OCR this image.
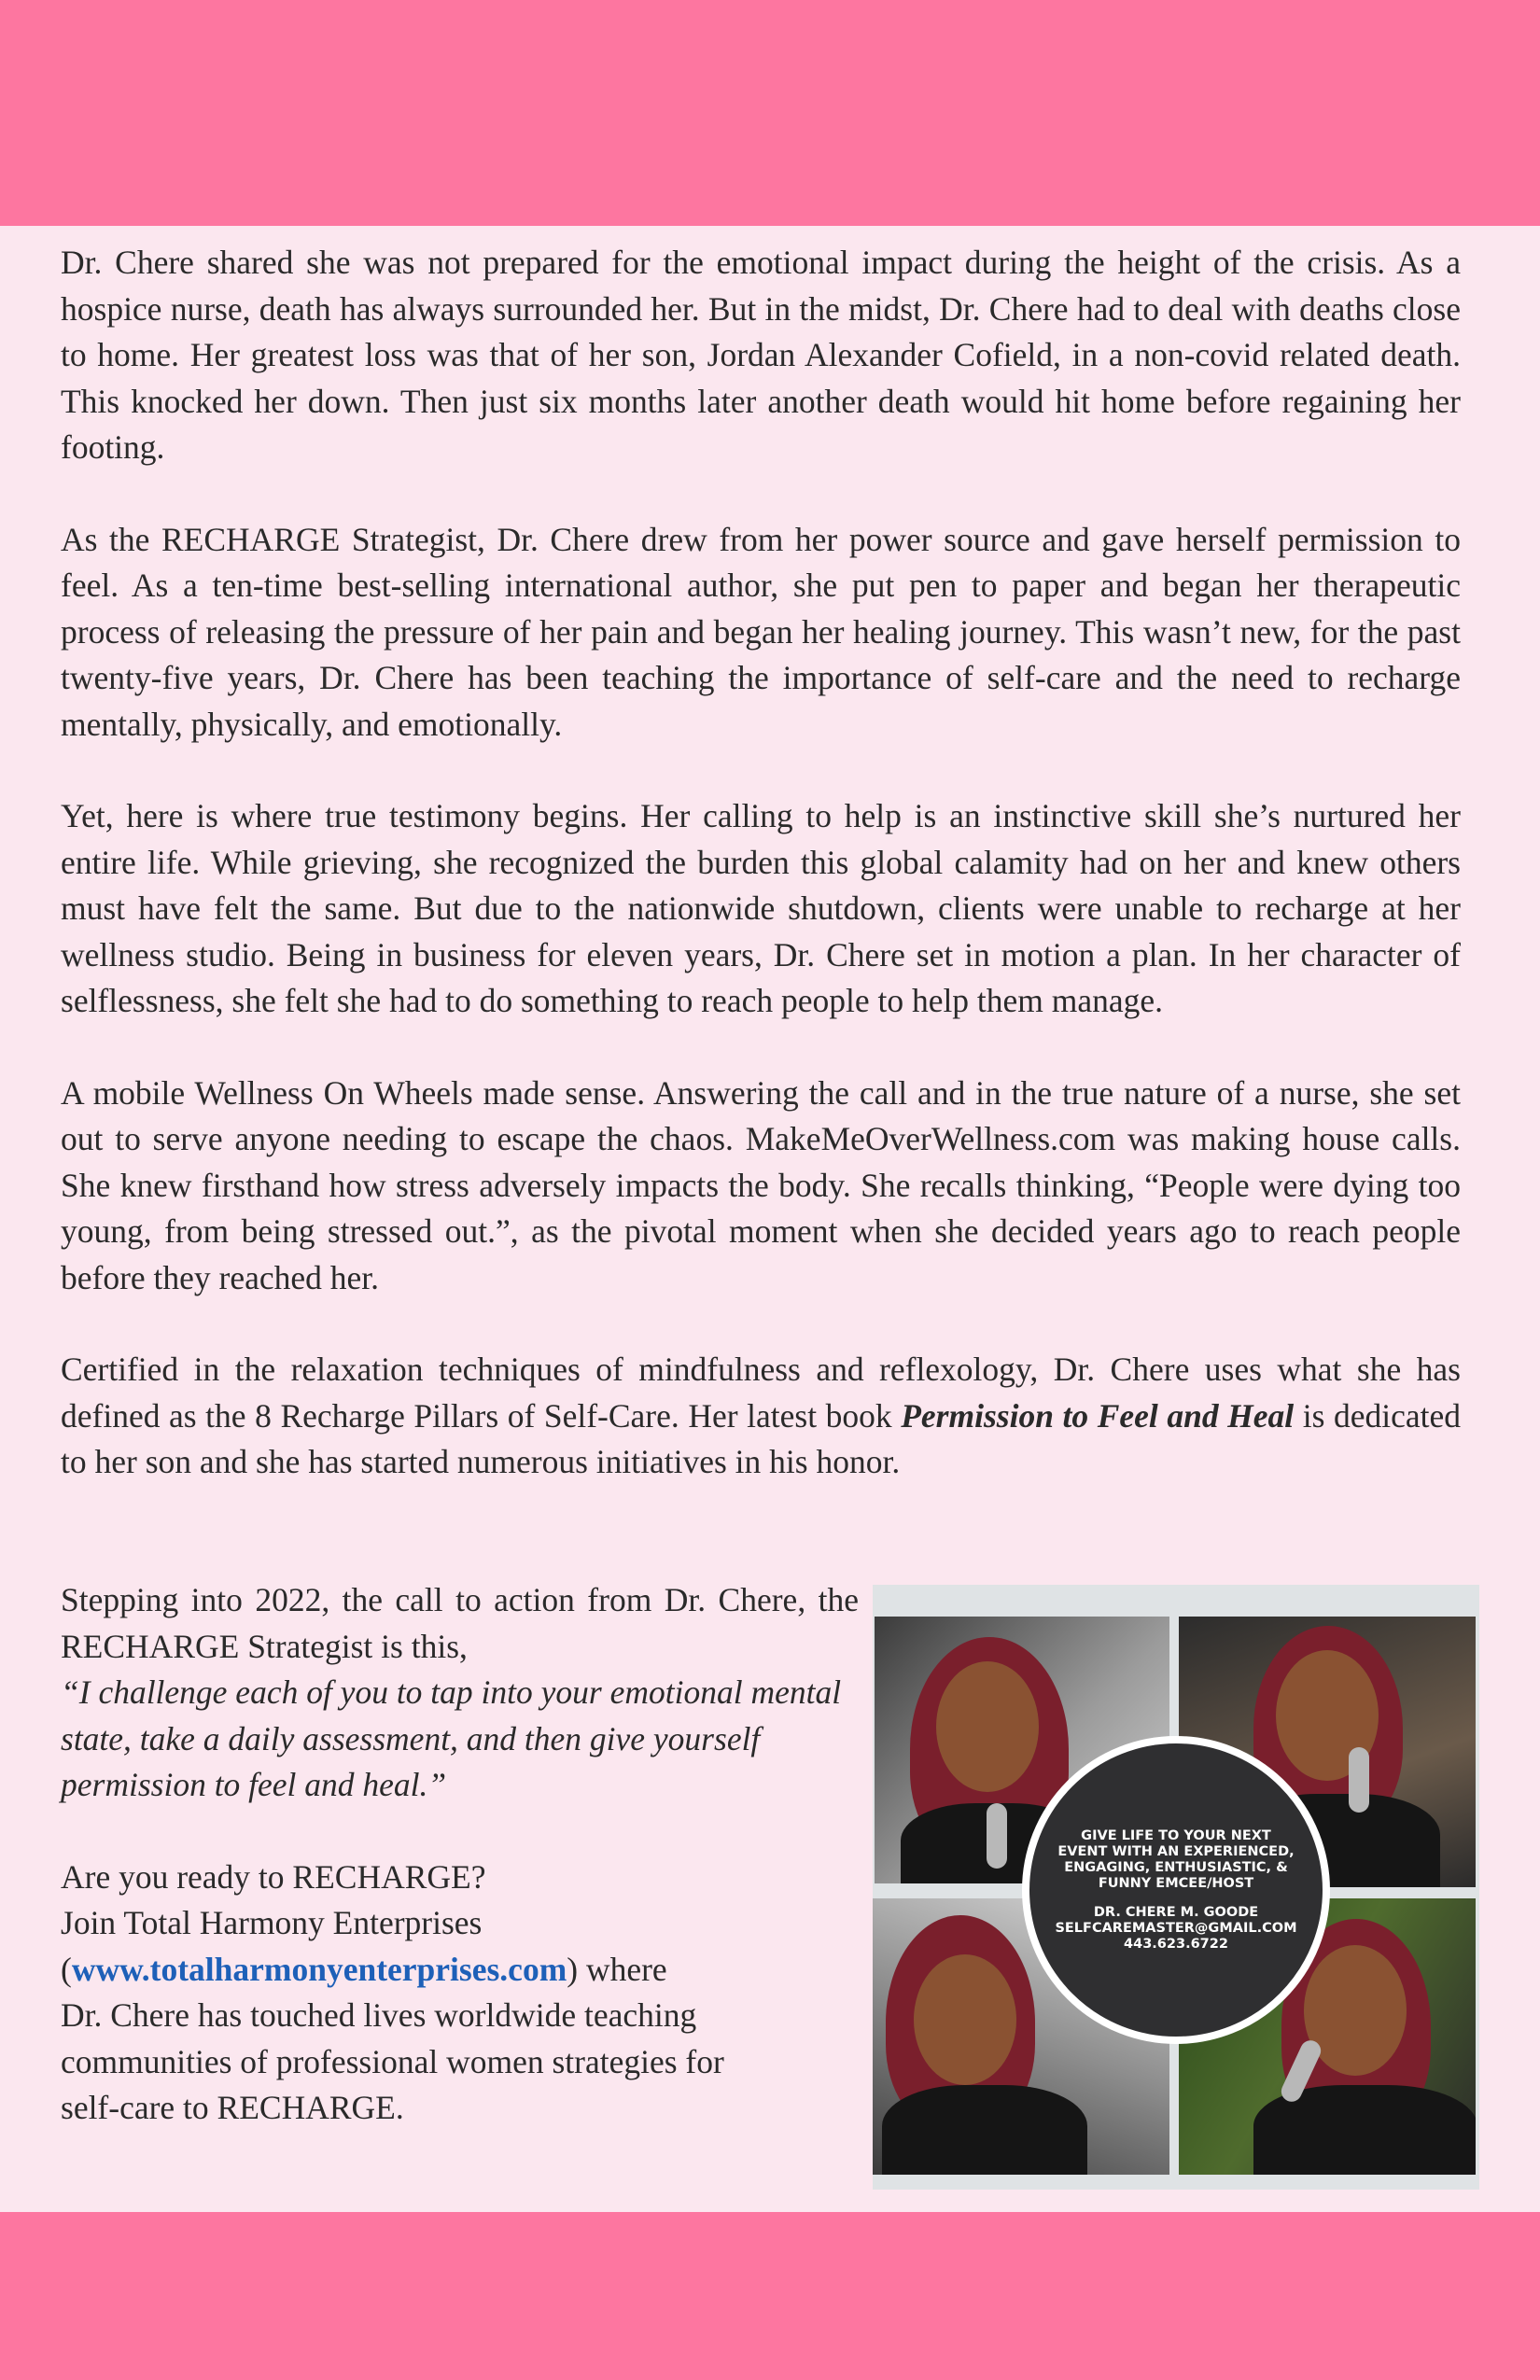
Dr. Chere shared she was not prepared for the emotional impact during the height of the crisis. As a hospice nurse, death has always surrounded her. But in the midst, Dr. Chere had to deal with deaths close to home. Her greatest loss was that of her son, Jordan Alexander Cofield, in a non-covid related death. This knocked her down. Then just six months later another death would hit home before regaining her footing.

As the RECHARGE Strategist, Dr. Chere drew from her power source and gave herself permission to feel. As a ten-time best-selling international author, she put pen to paper and began her therapeutic process of releasing the pressure of her pain and began her healing journey. This wasn’t new, for the past twenty-five years, Dr. Chere has been teaching the importance of self-care and the need to recharge mentally, physically, and emotionally.

Yet, here is where true testimony begins. Her calling to help is an instinctive skill she’s nurtured her entire life. While grieving, she recognized the burden this global calamity had on her and knew others must have felt the same. But due to the nationwide shutdown, clients were unable to recharge at her wellness studio. Being in business for eleven years, Dr. Chere set in motion a plan. In her character of selflessness, she felt she had to do something to reach people to help them manage.

A mobile Wellness On Wheels made sense. Answering the call and in the true nature of a nurse, she set out to serve anyone needing to escape the chaos. MakeMeOverWellness.com was making house calls. She knew firsthand how stress adversely impacts the body. She recalls thinking, “People were dying too young, from being stressed out.”, as the pivotal moment when she decided years ago to reach people before they reached her.

Certified in the relaxation techniques of mindfulness and reflexology, Dr. Chere uses what she has defined as the 8 Recharge Pillars of Self-Care. Her latest book Permission to Feel and Heal is dedicated to her son and she has started numerous initiatives in his honor.

Stepping into 2022, the call to action from Dr. Chere, the RECHARGE Strategist is this,

“I challenge each of you to tap into your emotional mental state, take a daily assessment, and then give yourself permission to feel and heal.”

Are you ready to RECHARGE?

Join Total Harmony Enterprises

(www.totalharmonyenterprises.com) where

Dr. Chere has touched lives worldwide teaching

communities of professional women strategies for

self-care to RECHARGE.

GIVE LIFE TO YOUR NEXT
EVENT WITH AN EXPERIENCED,
ENGAGING, ENTHUSIASTIC, &
FUNNY EMCEE/HOST
DR. CHERE M. GOODE
SELFCAREMASTER@GMAIL.COM
443.623.6722
